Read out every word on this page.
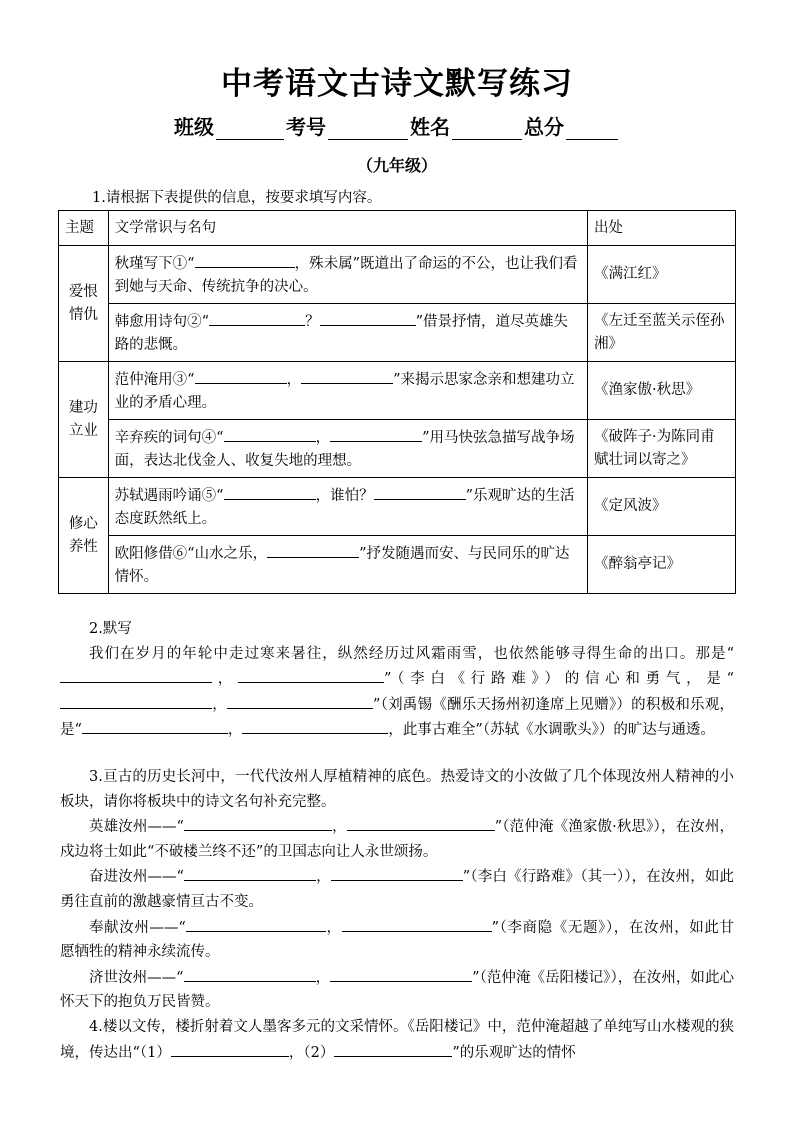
中考语文古诗文默写练习
班级	考号	姓名	总分
（九年级）
1.请根据下表提供的信息，按要求填写内容。
主题	文学常识与名句	出处
爱恨情仇	秋瑾写下①“ ，殊未属”既道出了命运的不公，也让我们看到她与天命、传统抗争的决心。	《满江红》
	韩愈用诗句②“ ？ ”借景抒情，道尽英雄失路的悲慨。	《左迁至蓝关示侄孙湘》
建功立业	范仲淹用③“ ， ”来揭示思家念亲和想建功立业的矛盾心理。	《渔家傲·秋思》
	辛弃疾的词句④“ ， ”用马快弦急描写战争场面，表达北伐金人、收复失地的理想。	《破阵子·为陈同甫赋壮词以寄之》
修心养性	苏轼遇雨吟诵⑤“ ，谁怕？ ”乐观旷达的生活态度跃然纸上。	《定风波》
	欧阳修借⑥“山水之乐， ”抒发随遇而安、与民同乐的旷达情怀。	《醉翁亭记》

2.默写

我们在岁月的年轮中走过寒来暑往，纵然经历过风霜雨雪，也依然能够寻得生命的出口。那是“，	”（李白《行路难》）的信心和勇气，是“，	”（刘禹锡《酬乐天扬州初逢席上见赠》）的积极和乐观，是“	，	，此事古难全”（苏轼《水调歌头》）的旷达与通透。

3.亘古的历史长河中，一代代汝州人厚植精神的底色。热爱诗文的小汝做了几个体现汝州人精神的小板块，请你将板块中的诗文名句补充完整。

英雄汝州——“	，	”（范仲淹《渔家傲·秋思》），在汝州，戍边将士如此“不破楼兰终不还”的卫国志向让人永世颂扬。

奋进汝州——“	，	”（李白《行路难》（其一）），在汝州，如此勇往直前的激越豪情亘古不变。

奉献汝州——“	，	”（李商隐《无题》），在汝州，如此甘愿牺牲的精神永续流传。

济世汝州——“	，	”（范仲淹《岳阳楼记》），在汝州，如此心怀天下的抱负万民皆赞。

4.楼以文传，楼折射着文人墨客多元的文采情怀。《岳阳楼记》中，范仲淹超越了单纯写山水楼观的狭境，传达出“（1）	，（2）	”的乐观旷达的情怀
